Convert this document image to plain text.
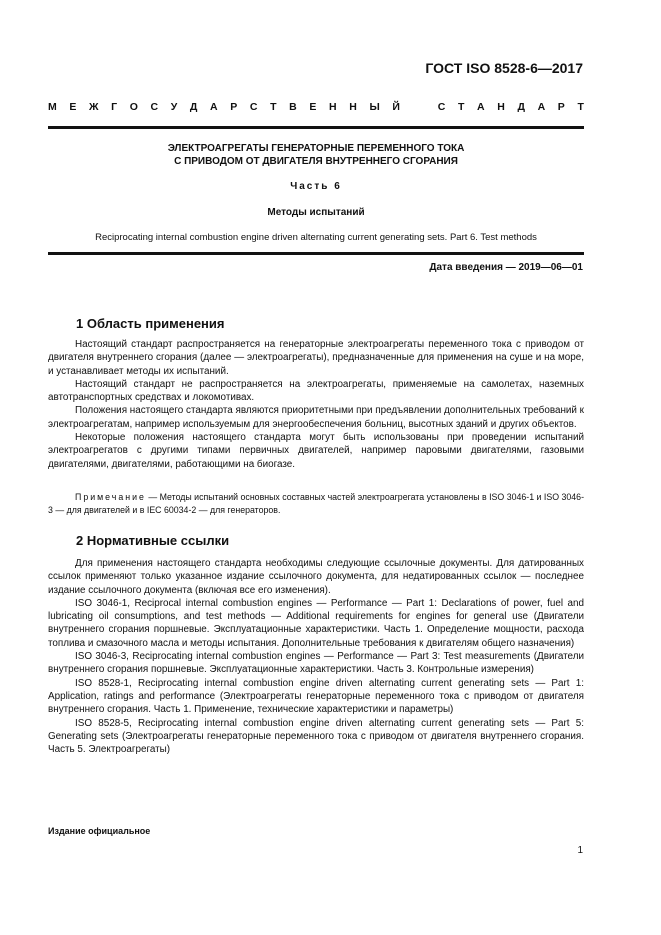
ГОСТ ISO 8528-6—2017
М Е Ж Г О С У Д А Р С Т В Е Н Н Ы Й	С Т А Н Д А Р Т
ЭЛЕКТРОАГРЕГАТЫ ГЕНЕРАТОРНЫЕ ПЕРЕМЕННОГО ТОКА
С ПРИВОДОМ ОТ ДВИГАТЕЛЯ ВНУТРЕННЕГО СГОРАНИЯ
Часть 6
Методы испытаний
Reciprocating internal combustion engine driven alternating current generating sets. Part 6. Test methods
Дата введения — 2019—06—01
1 Область применения

Настоящий стандарт распространяется на генераторные электроагрегаты переменного тока с приводом от двигателя внутреннего сгорания (далее — электроагрегаты), предназначенные для применения на суше и на море, и устанавливает методы их испытаний.

Настоящий стандарт не распространяется на электроагрегаты, применяемые на самолетах, наземных автотранспортных средствах и локомотивах.

Положения настоящего стандарта являются приоритетными при предъявлении дополнительных требований к электроагрегатам, например используемым для энергообеспечения больниц, высотных зданий и других объектов.

Некоторые положения настоящего стандарта могут быть использованы при проведении испытаний электроагрегатов с другими типами первичных двигателей, например паровыми двигателями, газовыми двигателями, двигателями, работающими на биогазе.

Примечание — Методы испытаний основных составных частей электроагрегата установлены в ISO 3046-1 и ISO 3046-3 — для двигателей и в IEC 60034-2 — для генераторов.

2 Нормативные ссылки

Для применения настоящего стандарта необходимы следующие ссылочные документы. Для датированных ссылок применяют только указанное издание ссылочного документа, для недатированных ссылок — последнее издание ссылочного документа (включая все его изменения).

ISO 3046-1, Reciprocal internal combustion engines — Performance — Part 1: Declarations of power, fuel and lubricating oil consumptions, and test methods — Additional requirements for engines for general use (Двигатели внутреннего сгорания поршневые. Эксплуатационные характеристики. Часть 1. Определение мощности, расхода топлива и смазочного масла и методы испытания. Дополнительные требования к двигателям общего назначения)

ISO 3046-3, Reciprocating internal combustion engines — Performance — Part 3: Test measurements (Двигатели внутреннего сгорания поршневые. Эксплуатационные характеристики. Часть 3. Контрольные измерения)

ISO 8528-1, Reciprocating internal combustion engine driven alternating current generating sets — Part 1: Application, ratings and performance (Электроагрегаты генераторные переменного тока с приводом от двигателя внутреннего сгорания. Часть 1. Применение, технические характеристики и параметры)

ISO 8528-5, Reciprocating internal combustion engine driven alternating current generating sets — Part 5: Generating sets (Электроагрегаты генераторные переменного тока с приводом от двигателя внутреннего сгорания. Часть 5. Электроагрегаты)

Издание официальное
1
